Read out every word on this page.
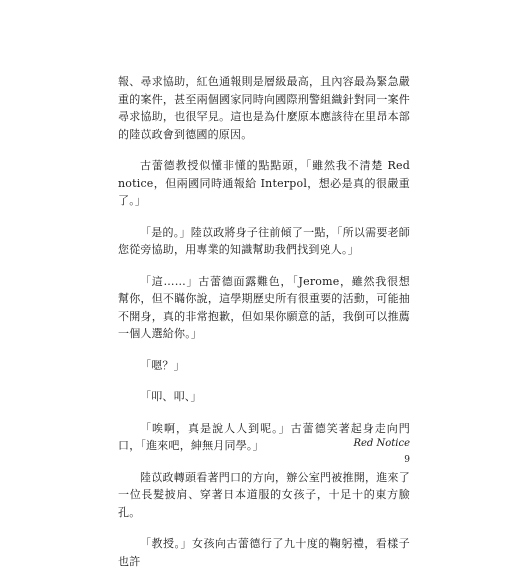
報、尋求協助，紅色通報則是層級最高，且內容最為緊急嚴重的案件，甚至兩個國家同時向國際刑警組織針對同一案件尋求協助，也很罕見。這也是為什麼原本應該待在里昂本部的陸苡政會到德國的原因。

古蕾德教授似懂非懂的點點頭，「雖然我不清楚 Red notice，但兩國同時通報給 Interpol，想必是真的很嚴重了。」

「是的。」陸苡政將身子往前傾了一點，「所以需要老師您從旁協助，用專業的知識幫助我們找到兇人。」

「這……」古蕾德面露難色，「Jerome，雖然我很想幫你，但不瞞你說，這學期歷史所有很重要的活動，可能抽不開身，真的非常抱歉，但如果你願意的話，我倒可以推薦一個人選給你。」

「嗯？」

「叩、叩、」

「唉啊，真是說人人到呢。」古蕾德笑著起身走向門口，「進來吧，紳無月同學。」

陸苡政轉頭看著門口的方向，辦公室門被推開，進來了一位長髮披肩、穿著日本道服的女孩子，十足十的東方臉孔。

「教授。」女孩向古蕾德行了九十度的鞠躬禮，看樣子也許

Red Notice
9
